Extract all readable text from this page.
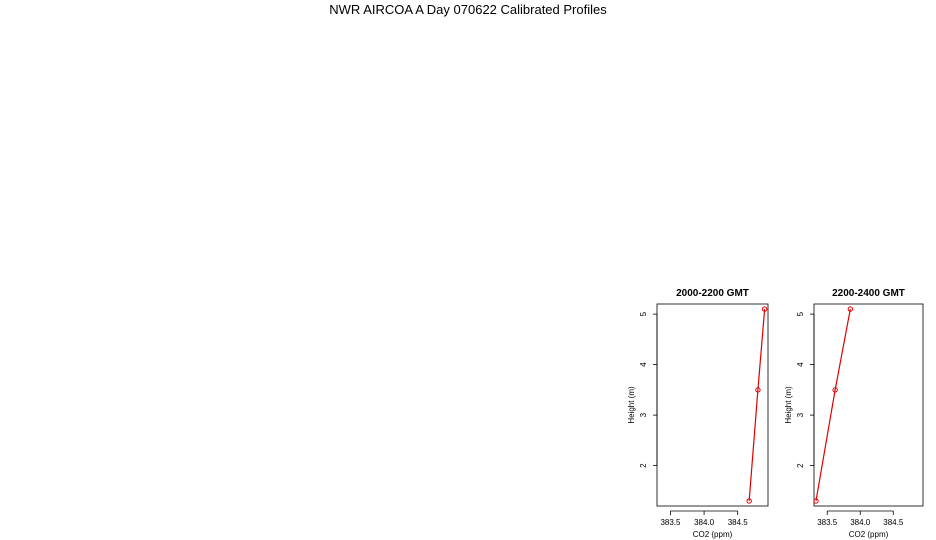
NWR AIRCOA A Day 070622 Calibrated Profiles
2000-2200 GMT
383.5 384.0 384.5
CO2 (ppm)
2
3
4
5
Height (m)
2200-2400 GMT
383.5 384.0 384.5
CO2 (ppm)
2
3
4
5
Height (m)
